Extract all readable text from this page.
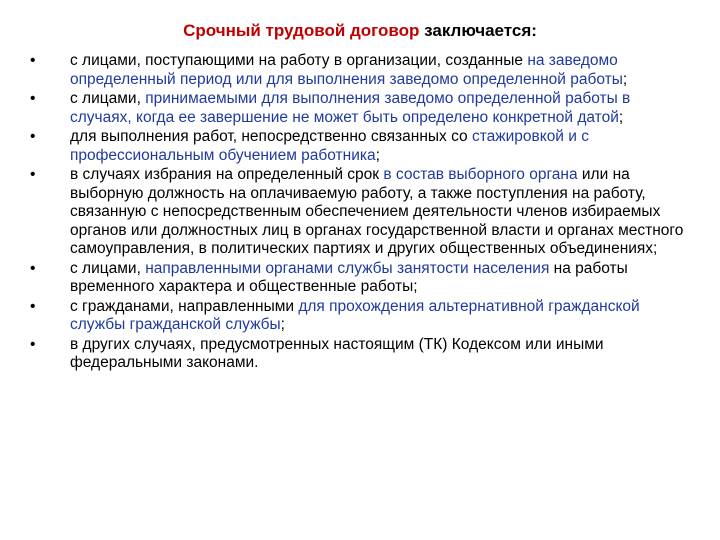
Срочный трудовой договор заключается:
•	с лицами, поступающими на работу в организации, созданные на заведомо определенный период или для выполнения заведомо определенной работы;
•	с лицами, принимаемыми для выполнения заведомо определенной работы в случаях, когда ее завершение не может быть определено конкретной датой;
•	для выполнения работ, непосредственно связанных со стажировкой и с профессиональным обучением работника;
•	в случаях избрания на определенный срок в состав выборного органа или на выборную должность на оплачиваемую работу, а также поступления на работу, связанную с непосредственным обеспечением деятельности членов избираемых органов или должностных лиц в органах государственной власти и органах местного самоуправления, в политических партиях и других общественных объединениях;
•	с лицами, направленными органами службы занятости населения на работы временного характера и общественные работы;
•	с гражданами, направленными для прохождения альтернативной гражданской службы гражданской службы;
•	в других случаях, предусмотренных настоящим (ТК) Кодексом или иными федеральными законами.
